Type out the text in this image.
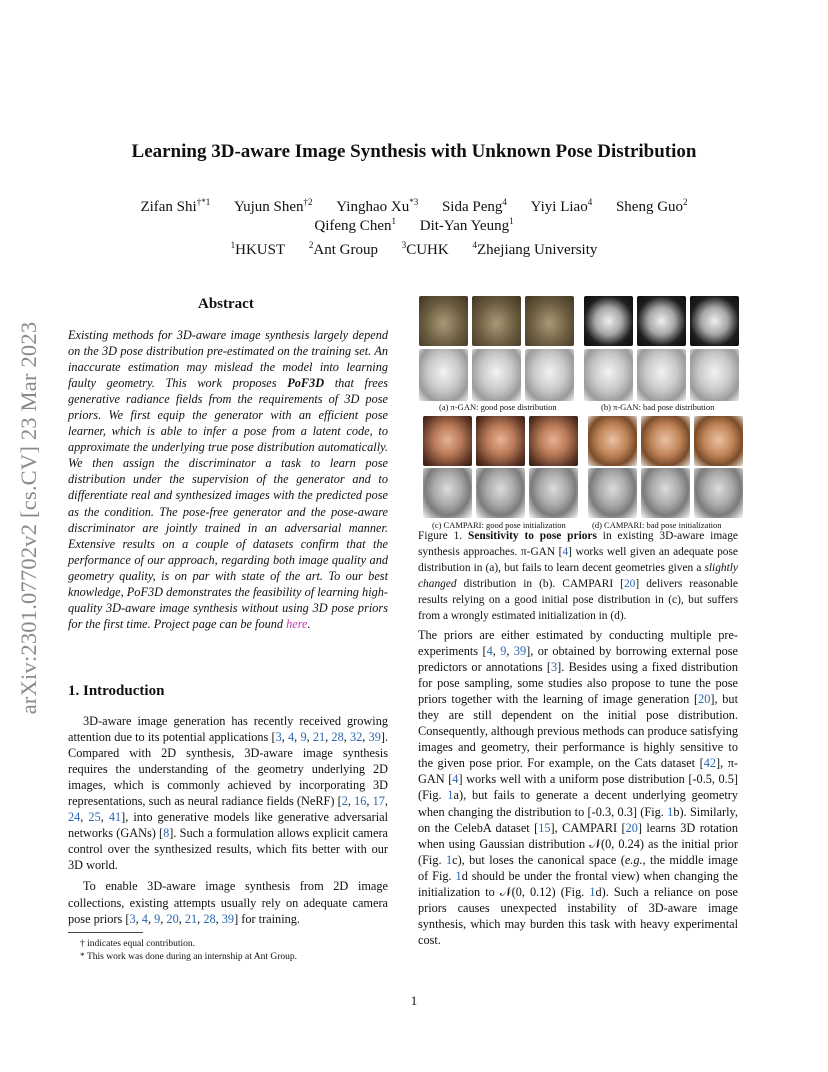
arXiv:2301.07702v2 [cs.CV] 23 Mar 2023
Learning 3D-aware Image Synthesis with Unknown Pose Distribution
Zifan Shi$^{\dagger*1}$ Yujun Shen$^{\dagger 2}$ Yinghao Xu$^{*3}$ Sida Peng$^4$ Yiyi Liao$^4$ Sheng Guo$^2$
Qifeng Chen$^1$ Dit-Yan Yeung$^1$
$^1$HKUST	$^2$Ant Group	$^3$CUHK	$^4$Zhejiang University
Abstract
Existing methods for 3D-aware image synthesis largely depend on the 3D pose distribution pre-estimated on the training set. An inaccurate estimation may mislead the model into learning faulty geometry. This work proposes PoF3D that frees generative radiance fields from the requirements of 3D pose priors. We first equip the generator with an efficient pose learner, which is able to infer a pose from a latent code, to approximate the underlying true pose distribution automatically. We then assign the discriminator a task to learn pose distribution under the supervision of the generator and to differentiate real and synthesized images with the predicted pose as the condition. The pose-free generator and the pose-aware discriminator are jointly trained in an adversarial manner. Extensive results on a couple of datasets confirm that the performance of our approach, regarding both image quality and geometry quality, is on par with state of the art. To our best knowledge, PoF3D demonstrates the feasibility of learning high-quality 3D-aware image synthesis without using 3D pose priors for the first time. Project page can be found here.
1. Introduction

3D-aware image generation has recently received growing attention due to its potential applications [3, 4, 9, 21, 28, 32, 39]. Compared with 2D synthesis, 3D-aware image synthesis requires the understanding of the geometry underlying 2D images, which is commonly achieved by incorporating 3D representations, such as neural radiance fields (NeRF) [2, 16, 17, 24, 25, 41], into generative models like generative adversarial networks (GANs) [8]. Such a formulation allows explicit camera control over the synthesized results, which fits better with our 3D world.

To enable 3D-aware image synthesis from 2D image collections, existing attempts usually rely on adequate camera pose priors [3, 4, 9, 20, 21, 28, 39] for training.

† indicates equal contribution.
* This work was done during an internship at Ant Group.
(a) π-GAN: good pose distribution	(b) π-GAN: bad pose distribution
(c) CAMPARI: good pose initialization	(d) CAMPARI: bad pose initialization
Figure 1. Sensitivity to pose priors in existing 3D-aware image synthesis approaches. π-GAN [4] works well given an adequate pose distribution in (a), but fails to learn decent geometries given a slightly changed distribution in (b). CAMPARI [20] delivers reasonable results relying on a good initial pose distribution in (c), but suffers from a wrongly estimated initialization in (d).
The priors are either estimated by conducting multiple pre-experiments [4, 9, 39], or obtained by borrowing external pose predictors or annotations [3]. Besides using a fixed distribution for pose sampling, some studies also propose to tune the pose priors together with the learning of image generation [20], but they are still dependent on the initial pose distribution. Consequently, although previous methods can produce satisfying images and geometry, their performance is highly sensitive to the given pose prior. For example, on the Cats dataset [42], π-GAN [4] works well with a uniform pose distribution [-0.5, 0.5] (Fig. 1a), but fails to generate a decent underlying geometry when changing the distribution to [-0.3, 0.3] (Fig. 1b). Similarly, on the CelebA dataset [15], CAMPARI [20] learns 3D rotation when using Gaussian distribution 𝒩(0, 0.24) as the initial prior (Fig. 1c), but loses the canonical space (e.g., the middle image of Fig. 1d should be under the frontal view) when changing the initialization to 𝒩(0, 0.12) (Fig. 1d). Such a reliance on pose priors causes unexpected instability of 3D-aware image synthesis, which may burden this task with heavy experimental cost.
1
